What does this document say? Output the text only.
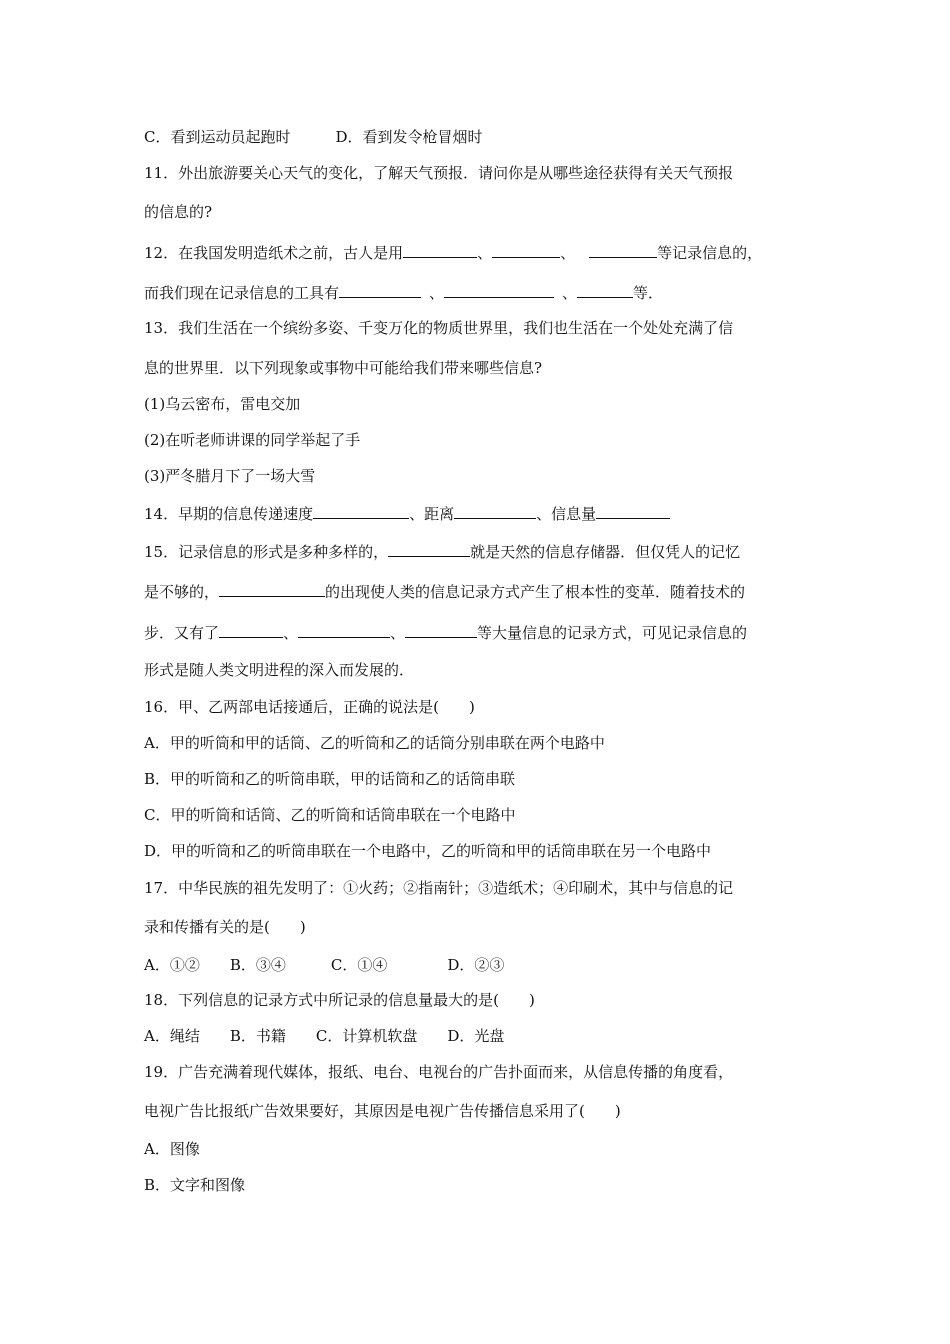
C．看到运动员起跑时　　　D．看到发令枪冒烟时
11．外出旅游要关心天气的变化，了解天气预报．请问你是从哪些途径获得有关天气预报
的信息的?
12．在我国发明造纸术之前，古人是用	、	、	等记录信息的，
而我们现在记录信息的工具有	、	、	等．
13．我们生活在一个缤纷多姿、千变万化的物质世界里，我们也生活在一个处处充满了信
息的世界里．以下列现象或事物中可能给我们带来哪些信息?
(1)乌云密布，雷电交加
(2)在听老师讲课的同学举起了手
(3)严冬腊月下了一场大雪
14．早期的信息传递速度	、距离	、信息量
15．记录信息的形式是多种多样的，	就是天然的信息存储器．但仅凭人的记忆
是不够的，	的出现使人类的信息记录方式产生了根本性的变革．随着技术的
步．又有了	、	、	等大量信息的记录方式，可见记录信息的
形式是随人类文明进程的深入而发展的．
16．甲、乙两部电话接通后，正确的说法是(　　)
A．甲的听筒和甲的话筒、乙的听筒和乙的话筒分别串联在两个电路中
B．甲的听筒和乙的听筒串联，甲的话筒和乙的话筒串联
C．甲的听筒和话筒、乙的听筒和话筒串联在一个电路中
D．甲的听筒和乙的听筒串联在一个电路中，乙的听筒和甲的话筒串联在另一个电路中
17．中华民族的祖先发明了：①火药；②指南针；③造纸术；④印刷术，其中与信息的记
录和传播有关的是(　　)
A．①②　　B．③④　　　C．①④　　　　D．②③
18．下列信息的记录方式中所记录的信息量最大的是(　　)
A．绳结　　B．书籍　　C．计算机软盘　　D．光盘
19．广告充满着现代媒体，报纸、电台、电视台的广告扑面而来，从信息传播的角度看，
电视广告比报纸广告效果要好，其原因是电视广告传播信息采用了(　　)
A．图像
B．文字和图像
